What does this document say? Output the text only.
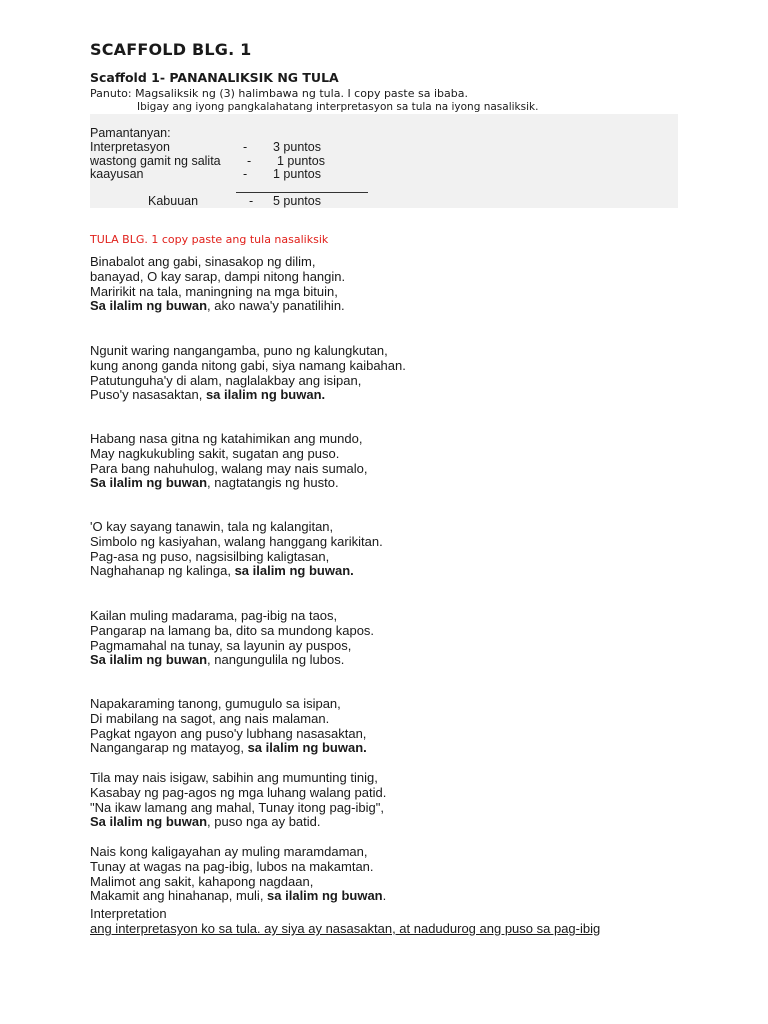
SCAFFOLD BLG. 1
Scaffold 1- PANANALIKSIK NG TULA
Panuto: Magsaliksik ng (3) halimbawa ng tula. I copy paste sa ibaba.
Ibigay ang iyong pangkalahatang interpretasyon sa tula na iyong nasaliksik.
Pamantanyan:
Interpretasyon	- 3 puntos
wastong gamit ng salita - 1 puntos
kaayusan	- 1 puntos
Kabuuan	- 5 puntos
TULA BLG. 1 copy paste ang tula nasaliksik
Binabalot ang gabi, sinasakop ng dilim,
banayad, O kay sarap, dampi nitong hangin.
Maririkit na tala, maningning na mga bituin,
Sa ilalim ng buwan, ako nawa'y panatilihin.
Ngunit waring nangangamba, puno ng kalungkutan,
kung anong ganda nitong gabi, siya namang kaibahan.
Patutunguha'y di alam, naglalakbay ang isipan,
Puso'y nasasaktan, sa ilalim ng buwan.
Habang nasa gitna ng katahimikan ang mundo,
May nagkukubling sakit, sugatan ang puso.
Para bang nahuhulog, walang may nais sumalo,
Sa ilalim ng buwan, nagtatangis ng husto.
'O kay sayang tanawin, tala ng kalangitan,
Simbolo ng kasiyahan, walang hanggang karikitan.
Pag-asa ng puso, nagsisilbing kaligtasan,
Naghahanap ng kalinga, sa ilalim ng buwan.
Kailan muling madarama, pag-ibig na taos,
Pangarap na lamang ba, dito sa mundong kapos.
Pagmamahal na tunay, sa layunin ay puspos,
Sa ilalim ng buwan, nangungulila ng lubos.
Napakaraming tanong, gumugulo sa isipan,
Di mabilang na sagot, ang nais malaman.
Pagkat ngayon ang puso'y lubhang nasasaktan,
Nangangarap ng matayog, sa ilalim ng buwan.
Tila may nais isigaw, sabihin ang mumunting tinig,
Kasabay ng pag-agos ng mga luhang walang patid.
"Na ikaw lamang ang mahal, Tunay itong pag-ibig",
Sa ilalim ng buwan, puso nga ay batid.
Nais kong kaligayahan ay muling maramdaman,
Tunay at wagas na pag-ibig, lubos na makamtan.
Malimot ang sakit, kahapong nagdaan,
Makamit ang hinahanap, muli, sa ilalim ng buwan.
Interpretation
ang interpretasyon ko sa tula. ay siya ay nasasaktan, at nadudurog ang puso sa pag-ibig
